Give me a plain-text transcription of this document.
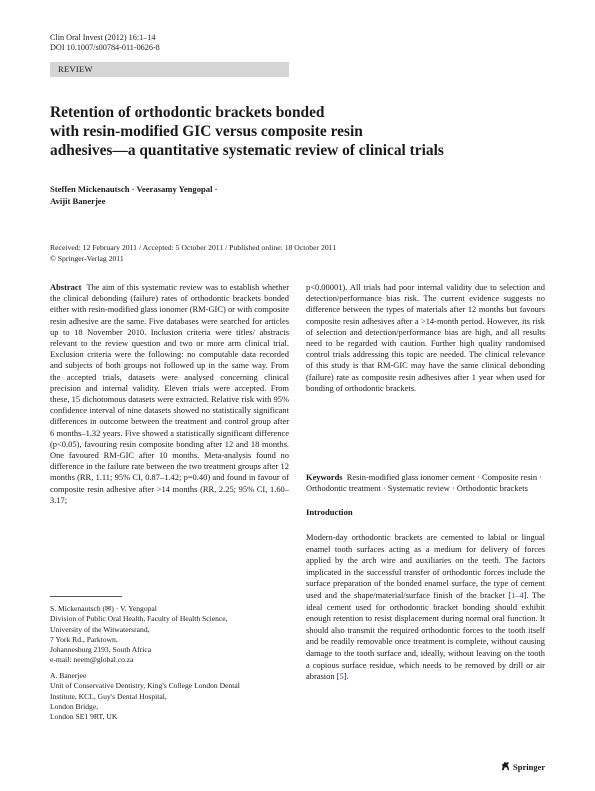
Clin Oral Invest (2012) 16:1–14
DOI 10.1007/s00784-011-0626-8
REVIEW
Retention of orthodontic brackets bonded
with resin-modified GIC versus composite resin
adhesives—a quantitative systematic review of clinical trials
Steffen Mickenautsch · Veerasamy Yengopal ·
Avijit Banerjee
Received: 12 February 2011 / Accepted: 5 October 2011 / Published online: 18 October 2011
© Springer-Verlag 2011

Abstract The aim of this systematic review was to establish whether the clinical debonding (failure) rates of orthodontic brackets bonded either with resin-modified glass ionomer (RM-GIC) or with composite resin adhesive are the same. Five databases were searched for articles up to 18 November 2010. Inclusion criteria were titles/ abstracts relevant to the review question and two or more arm clinical trial. Exclusion criteria were the following: no computable data recorded and subjects of both groups not followed up in the same way. From the accepted trials, datasets were analysed concerning clinical precision and internal validity. Eleven trials were accepted. From these, 15 dichotomous datasets were extracted. Relative risk with 95% confidence interval of nine datasets showed no statistically significant differences in outcome between the treatment and control group after 6 months–1.32 years. Five showed a statistically significant difference (p<0.05), favouring resin composite bonding after 12 and 18 months. One favoured RM-GIC after 10 months. Meta-analysis found no difference in the failure rate between the two treatment groups after 12 months (RR, 1.11; 95% CI, 0.87–1.42; p=0.40) and found in favour of composite resin adhesive after >14 months (RR, 2.25; 95% CI, 1.60–3.17;

p<0.00001). All trials had poor internal validity due to selection and detection/performance bias risk. The current evidence suggests no difference between the types of materials after 12 months but favours composite resin adhesives after a >14-month period. However, its risk of selection and detection/performance bias are high, and all results need to be regarded with caution. Further high quality randomised control trials addressing this topic are needed. The clinical relevance of this study is that RM-GIC may have the same clinical debonding (failure) rate as composite resin adhesives after 1 year when used for bonding of orthodontic brackets.

Keywords Resin-modified glass ionomer cement · Composite resin · Orthodontic treatment · Systematic review · Orthodontic brackets

Introduction

Modern-day orthodontic brackets are cemented to labial or lingual enamel tooth surfaces acting as a medium for delivery of forces applied by the arch wire and auxiliaries on the teeth. The factors implicated in the successful transfer of orthodontic forces include the surface preparation of the bonded enamel surface, the type of cement used and the shape/material/surface finish of the bracket [1–4]. The ideal cement used for orthodontic bracket bonding should exhibit enough retention to resist displacement during normal oral function. It should also transmit the required orthodontic forces to the tooth itself and be readily removable once treatment is complete, without causing damage to the tooth surface and, ideally, without leaving on the tooth a copious surface residue, which needs to be removed by drill or air abrasion [5].

S. Mickenautsch (✉) · V. Yengopal
Division of Public Oral Health, Faculty of Health Science,
University of the Witwatersrand,
7 York Rd., Parktown,
Johannesburg 2193, South Africa
e-mail: neem@global.co.za
A. Banerjee
Unit of Conservative Dentistry, King's College London Dental
Institute, KCL, Guy's Dental Hospital,
London Bridge,
London SE1 9RT, UK
Springer
